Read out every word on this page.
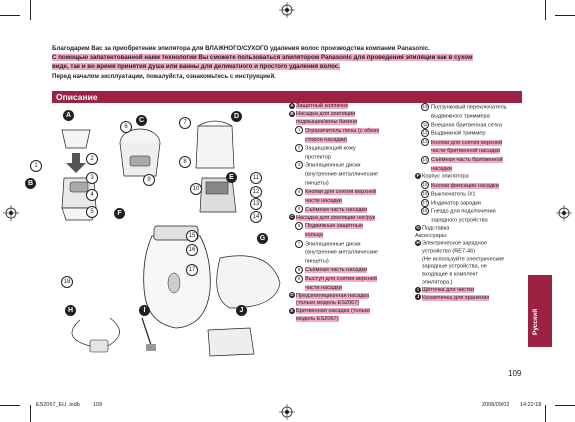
Благодарим Вас за приобретение эпилятора для ВЛАЖНОГО/СУХОГО удаления волос производства компании Panasonic.
С помощью запатентованной нами технологии Вы сможете пользоваться эпилятором Panasonic для проведения эпиляции как в сухом
виде, так и во время принятия душа или ванны для деликатного и простого удаления волос.
Перед началом эксплуатации, пожалуйста, ознакомьтесь с инструкцией.
Описание
A
B
C
D
E
F
G
H	I	J
1
2
3
4
5
6
7
8
9
10
11
12
13
14
15
16
17
18
A Защитный колпачок
B Насадка для эпиляции
подмышек/зоны бикини
1 Ограничитель пены (с обеих
сторон насадки)
2 Защищающий кожу
протектор
3 Эпиляционные диски
(внутренние металлические
пинцеты)
4 Кнопки для снятия верхней
части насадки
5 Съёмная часть насадки
C Насадка для эпиляции ног/рук
6 Подвижные защитные
кольца
7 Эпиляционные диски
(внутренние металлические
пинцеты)
8 Съёмная часть насадки
9 Выступ для снятия верхней
части насадки
D Предэпиляционная насадка
(только модель ES2067)
E Бритвенная насадка (только
модель ES2067)
10 Ползунковый переключатель
выдвижного триммера
11 Внешняя бритвенная сетка
12 Выдвижной триммер
13 Кнопки для снятия верхней
части бритвенной насадки
14 Съёмная часть бритвенной
насадки
F Корпус эпилятора
15 Кнопки фиксации насадки
16 Выключатель 0/1
17 Индикатор зарядки
18 Гнездо для подключения
зарядного устройства
G Подставка
Аксессуары:
H Электрическое зарядное
устройство (RE7-46)
(Не используйте электрические
зарядные устройства, не
входящие в комплект
эпилятора.)
I Щёточка для чистки
J Косметичка для хранения
Русский
109
ES2067_EU .indb 109	2008/09/02 14:22:18
